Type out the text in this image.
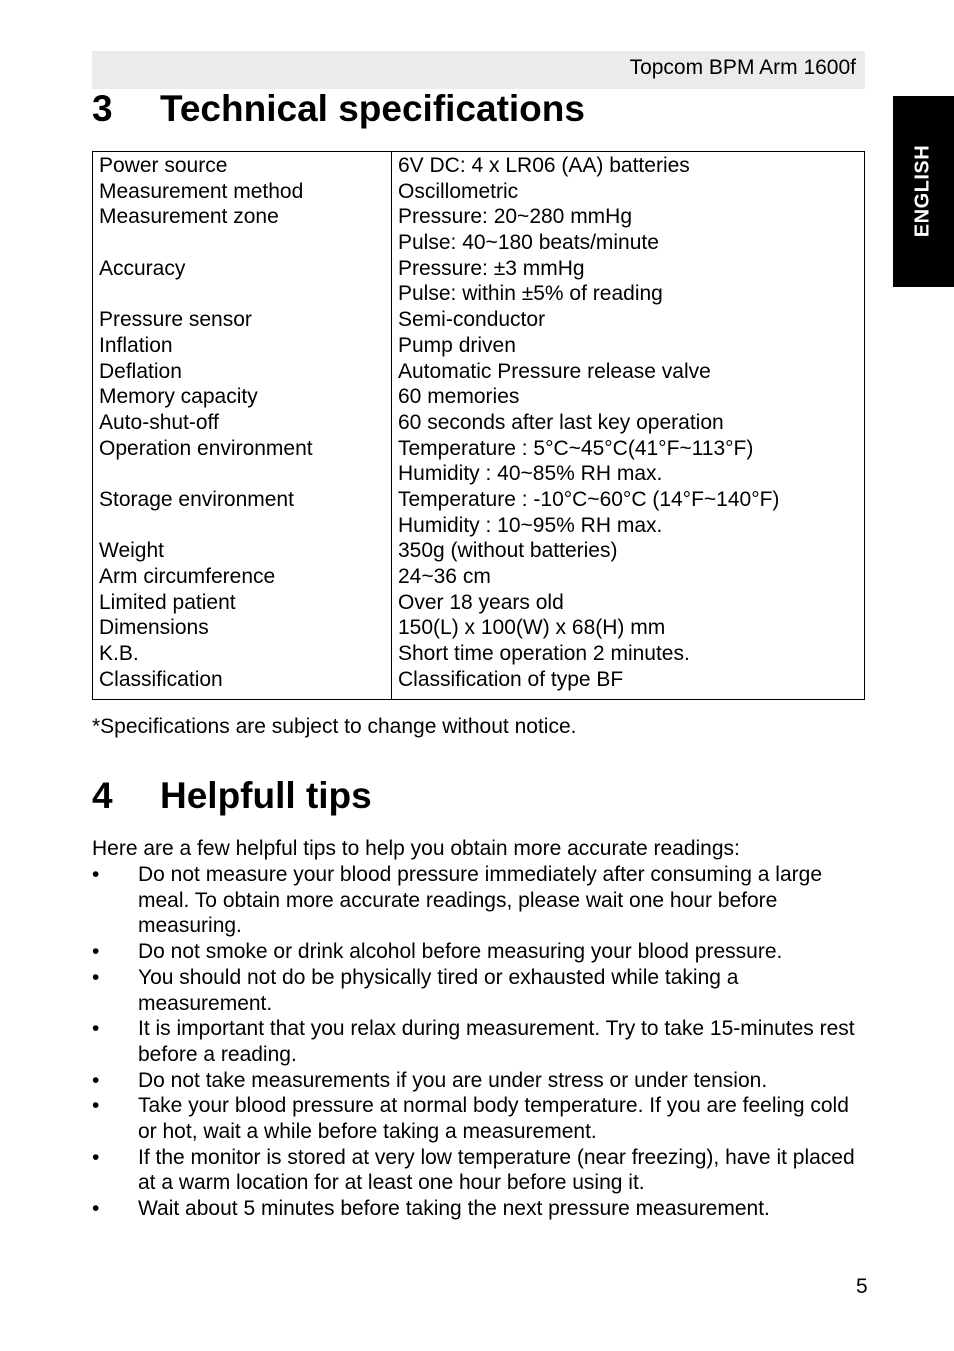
Topcom BPM Arm 1600f
ENGLISH
3 Technical specifications
Power source
Measurement method
Measurement zone
Accuracy
Pressure sensor
Inflation
Deflation
Memory capacity
Auto-shut-off
Operation environment
Storage environment
Weight
Arm circumference
Limited patient
Dimensions
K.B.
Classification
6V DC: 4 x LR06 (AA) batteries
Oscillometric
Pressure: 20~280 mmHg
Pulse: 40~180 beats/minute
Pressure: ±3 mmHg
Pulse: within ±5% of reading
Semi-conductor
Pump driven
Automatic Pressure release valve
60 memories
60 seconds after last key operation
Temperature : 5°C~45°C(41°F~113°F)
Humidity : 40~85% RH max.
Temperature : -10°C~60°C (14°F~140°F)
Humidity : 10~95% RH max.
350g (without batteries)
24~36 cm
Over 18 years old
150(L) x 100(W) x 68(H) mm
Short time operation 2 minutes.
Classification of type BF
*Specifications are subject to change without notice.
4 Helpfull tips
Here are a few helpful tips to help you obtain more accurate readings:
• Do not measure your blood pressure immediately after consuming a large meal. To obtain more accurate readings, please wait one hour before measuring.
• Do not smoke or drink alcohol before measuring your blood pressure.
• You should not do be physically tired or exhausted while taking a measurement.
• It is important that you relax during measurement. Try to take 15-minutes rest before a reading.
• Do not take measurements if you are under stress or under tension.
• Take your blood pressure at normal body temperature. If you are feeling cold or hot, wait a while before taking a measurement.
• If the monitor is stored at very low temperature (near freezing), have it placed at a warm location for at least one hour before using it.
• Wait about 5 minutes before taking the next pressure measurement.
5
